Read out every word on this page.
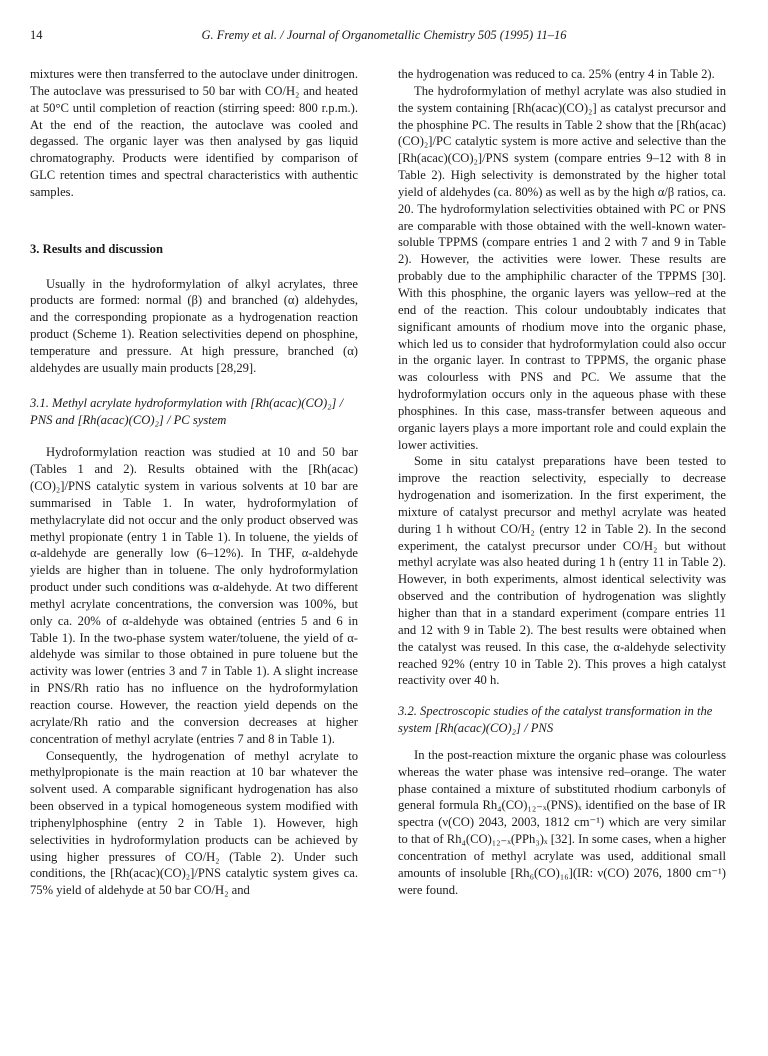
14	G. Fremy et al. / Journal of Organometallic Chemistry 505 (1995) 11–16

mixtures were then transferred to the autoclave under dinitrogen. The autoclave was pressurised to 50 bar with CO/H₂ and heated at 50°C until completion of reaction (stirring speed: 800 r.p.m.). At the end of the reaction, the autoclave was cooled and degassed. The organic layer was then analysed by gas liquid chromatography. Products were identified by comparison of GLC retention times and spectral characteristics with authentic samples.

3. Results and discussion

Usually in the hydroformylation of alkyl acrylates, three products are formed: normal (β) and branched (α) aldehydes, and the corresponding propionate as a hydrogenation reaction product (Scheme 1). Reation selectivities depend on phosphine, temperature and pressure. At high pressure, branched (α) aldehydes are usually main products [28,29].

3.1. Methyl acrylate hydroformylation with [Rh(acac)(CO)₂] / PNS and [Rh(acac)(CO)₂] / PC system

Hydroformylation reaction was studied at 10 and 50 bar (Tables 1 and 2). Results obtained with the [Rh(acac)(CO)₂]/PNS catalytic system in various solvents at 10 bar are summarised in Table 1. In water, hydroformylation of methylacrylate did not occur and the only product observed was methyl propionate (entry 1 in Table 1). In toluene, the yields of α-aldehyde are generally low (6–12%). In THF, α-aldehyde yields are higher than in toluene. The only hydroformylation product under such conditions was α-aldehyde. At two different methyl acrylate concentrations, the conversion was 100%, but only ca. 20% of α-aldehyde was obtained (entries 5 and 6 in Table 1). In the two-phase system water/toluene, the yield of α-aldehyde was similar to those obtained in pure toluene but the activity was lower (entries 3 and 7 in Table 1). A slight increase in PNS/Rh ratio has no influence on the hydroformylation reaction course. However, the reaction yield depends on the acrylate/Rh ratio and the conversion decreases at higher concentration of methyl acrylate (entries 7 and 8 in Table 1).

Consequently, the hydrogenation of methyl acrylate to methylpropionate is the main reaction at 10 bar whatever the solvent used. A comparable significant hydrogenation has also been observed in a typical homogeneous system modified with triphenylphosphine (entry 2 in Table 1). However, high selectivities in hydroformylation products can be achieved by using higher pressures of CO/H₂ (Table 2). Under such conditions, the [Rh(acac)(CO)₂]/PNS catalytic system gives ca. 75% yield of aldehyde at 50 bar CO/H₂ and

the hydrogenation was reduced to ca. 25% (entry 4 in Table 2).

The hydroformylation of methyl acrylate was also studied in the system containing [Rh(acac)(CO)₂] as catalyst precursor and the phosphine PC. The results in Table 2 show that the [Rh(acac)(CO)₂]/PC catalytic system is more active and selective than the [Rh(acac)(CO)₂]/PNS system (compare entries 9–12 with 8 in Table 2). High selectivity is demonstrated by the higher total yield of aldehydes (ca. 80%) as well as by the high α/β ratios, ca. 20. The hydroformylation selectivities obtained with PC or PNS are comparable with those obtained with the well-known water-soluble TPPMS (compare entries 1 and 2 with 7 and 9 in Table 2). However, the activities were lower. These results are probably due to the amphiphilic character of the TPPMS [30]. With this phosphine, the organic layers was yellow–red at the end of the reaction. This colour undoubtably indicates that significant amounts of rhodium move into the organic phase, which led us to consider that hydroformylation could also occur in the organic layer. In contrast to TPPMS, the organic phase was colourless with PNS and PC. We assume that the hydroformylation occurs only in the aqueous phase with these phosphines. In this case, mass-transfer between aqueous and organic layers plays a more important role and could explain the lower activities.

Some in situ catalyst preparations have been tested to improve the reaction selectivity, especially to decrease hydrogenation and isomerization. In the first experiment, the mixture of catalyst precursor and methyl acrylate was heated during 1 h without CO/H₂ (entry 12 in Table 2). In the second experiment, the catalyst precursor under CO/H₂ but without methyl acrylate was also heated during 1 h (entry 11 in Table 2). However, in both experiments, almost identical selectivity was observed and the contribution of hydrogenation was slightly higher than that in a standard experiment (compare entries 11 and 12 with 9 in Table 2). The best results were obtained when the catalyst was reused. In this case, the α-aldehyde selectivity reached 92% (entry 10 in Table 2). This proves a high catalyst reactivity over 40 h.

3.2. Spectroscopic studies of the catalyst transformation in the system [Rh(acac)(CO)₂] / PNS

In the post-reaction mixture the organic phase was colourless whereas the water phase was intensive red–orange. The water phase contained a mixture of substituted rhodium carbonyls of general formula Rh₄(CO)₁₂₋ₓ(PNS)ₓ identified on the base of IR spectra (ν(CO) 2043, 2003, 1812 cm⁻¹) which are very similar to that of Rh₄(CO)₁₂₋ₓ(PPh₃)ₓ [32]. In some cases, when a higher concentration of methyl acrylate was used, additional small amounts of insoluble [Rh₆(CO)₁₆](IR: ν(CO) 2076, 1800 cm⁻¹) were found.
